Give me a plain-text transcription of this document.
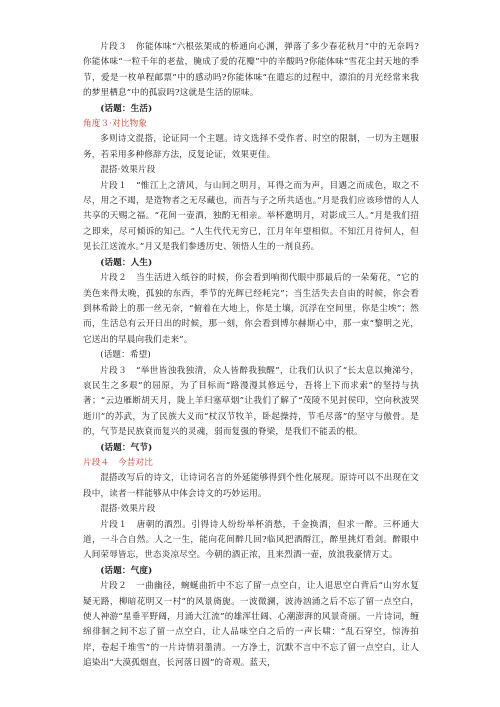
片段３　你能体味“六根弦架成的桥通向心渊，弹落了多少春花秋月”中的无奈吗?你能体味“一粒千年的老盐，腌成了爱的花瓣”中的辛酸吗?你能体味“雪花尘封天地的季节，爱是一枚单程邮票”中的感动吗?你能体味“在遣忘的过程中，漂泊的月光经常来我的梦里栖息”中的孤寂吗?这就是生活的原味。

(话题：生活)

角度３·对比物象

多则诗文混搭，论证同一个主题。诗文选择不受作者、时空的限制，一切为主题服务，若采用多种修辞方法，反复论证，效果更佳。

混搭·效果片段

片段１　“惟江上之清风，与山间之明月，耳得之而为声，目遇之而成色，取之不尽，用之不竭，是造物者之无尽藏也，而吾与子之所共适也。”月是我们应该珍惜的人人共享的天赐之福。“花间一壶酒，独酌无相亲。举杯邀明月，对影成三人。”月是我们招之即来，尽可倾诉的知己。“人生代代无穷已，江月年年望相似。不知江月待何人，但见长江送流水。”月又是我们参透历史、领悟人生的一剂良药。

(话题：人生)

片段２　当生活进入纸谷的时候，你会看到响彻代眼中那最后的一朵菊花，“它的美色来得太晚，孤独的东西，季节的光辉已经耗完”；当生活失去自由的时候，你会看到林希龄上的那一丝无奈，“俯着在大地上，你是土壤，沉浮在空间里，你是尘埃”；然而，生活总有云开日出的时候，那一刻，你会看到博尔赫斯心中，那一束“黎明之光，它送出的早晨向我们走来”。

(话题：希望)

片段３　“举世皆浊我独清，众人皆醉我独醒”，让我们认识了“长太息以掩涕兮，哀民生之多艰”的屈原，为了目标而“路漫漫其修远兮，吾将上下而求索”的坚持与执著；“云边雁断胡天月，陇上羊归塞草烟”让我们了解了“茂陵不见封侯印，空向秋波哭逝川”的苏武，为了民族大义而“杖汉节牧羊，卧起操持，节毛尽落”的坚守与傲骨。是的，气节是民族衰而复兴的灵魂，弱而复强的脊梁，是我们不能丢的根。

(话题：气节)

片段４　今昔对比

混搭改写后的诗文，让诗词名言的外延能够得到个性化展现。原诗可以不出现在文段中，读者一样能够从中体会诗文的巧妙运用。

混搭·效果片段

片段１　唐朝的酒烈。引得诗人纷纷举杯消愁，千金换酒，但求一醉。三杯通大道，一斗合自然。人之一生，能向花间醉几回?临风把酒酹江，醉里挑灯看剑。醉眼中人间荣辱皆忘，世态炎凉尽空。今朝的酒正浓，且来烈酒一壶，放浪我豪情万丈。

(话题：气度)

片段２　一曲幽径，蜿蜒曲折中不忘了留一点空白，让人退思空白背后“山穷水复疑无路，柳暗花明又一村”的风景旖旎。一波微澜，波涛汹涌之后不忘了留一点空白，使人神游“星垂平野阔，月涌大江流”的雄浑壮阔、心潮澎湃的风景奇丽。一片诗词，缠绵徘徊之间不忘了留一点空白，让人品味空白之后的一声长啸：“乱石穿空，惊涛拍岸，卷起千堆雪”的一片诗情羽墨清。一方净土，沉默不言中不忘了留一点空白，让人追染出“大漠孤烟直，长河落日圆”的奇观。蓝天，
